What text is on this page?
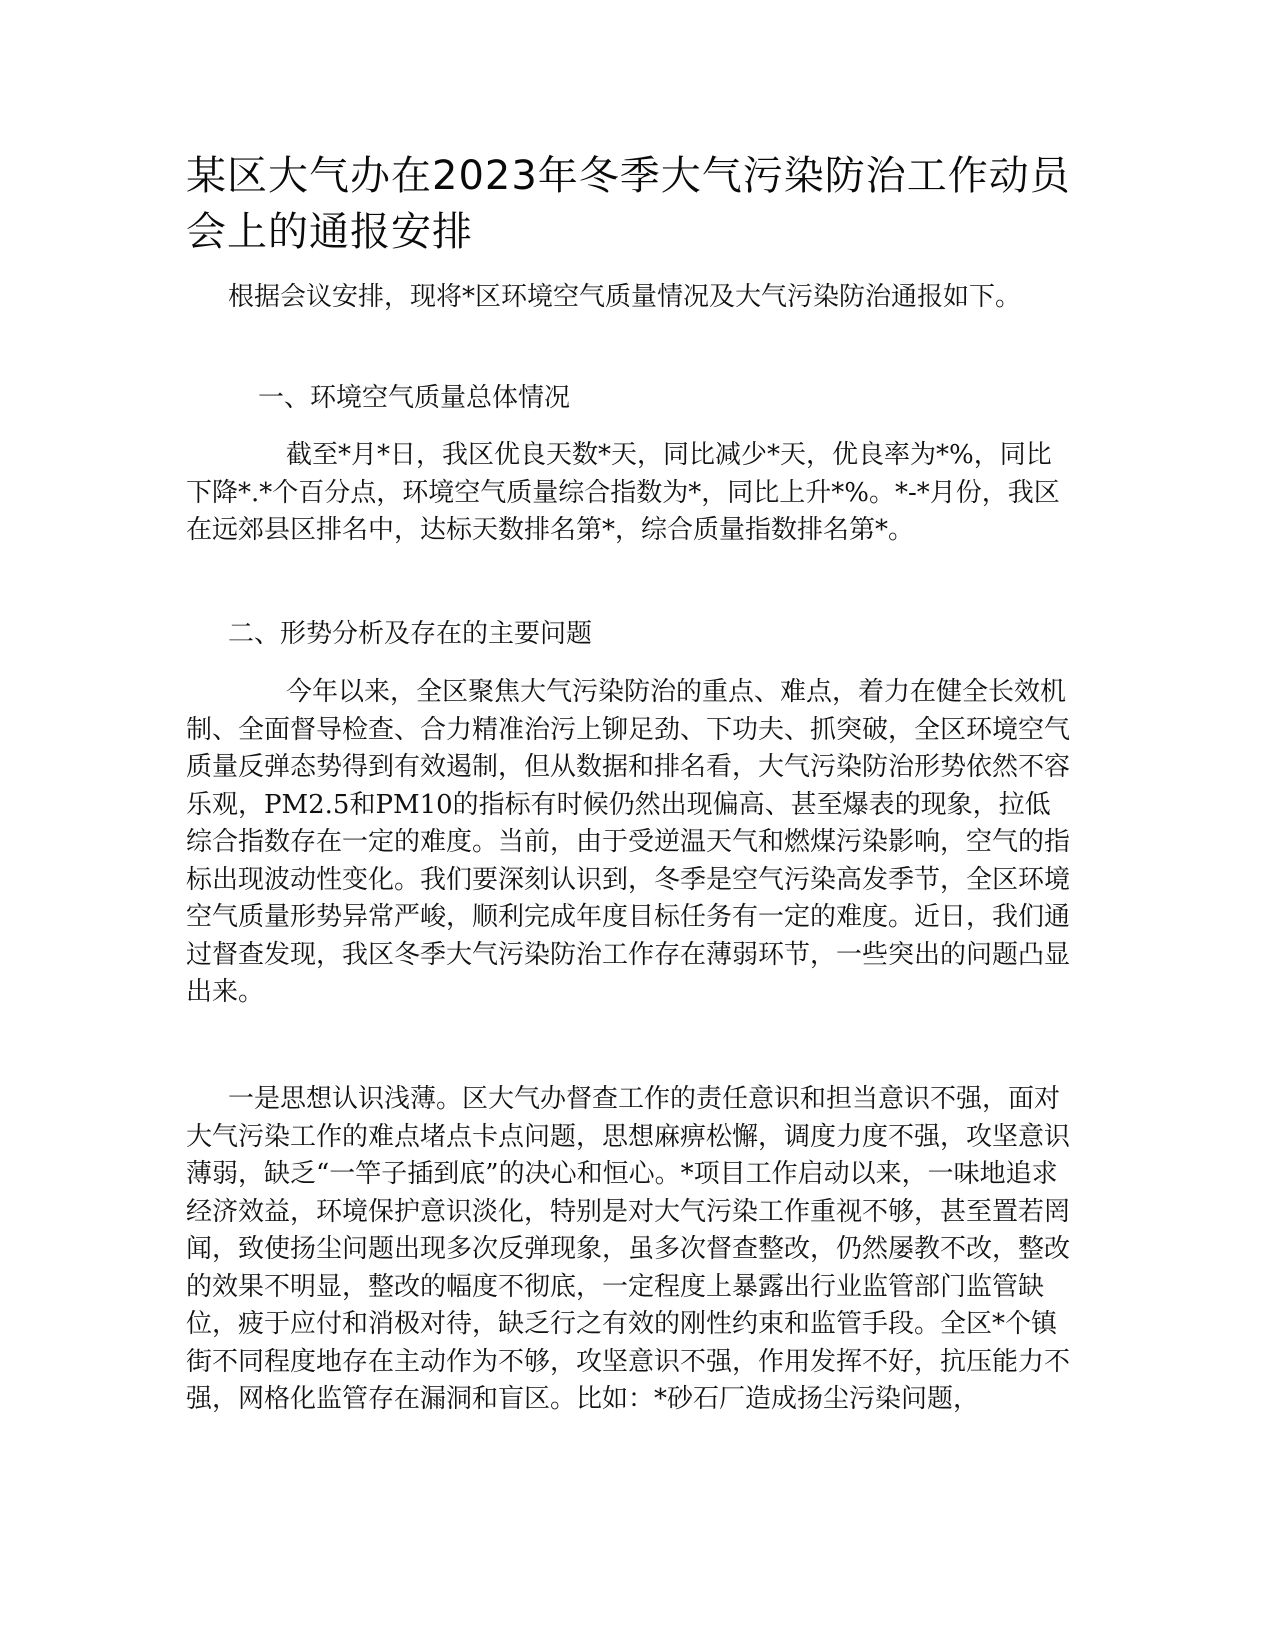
某区大气办在2023年冬季大气污染防治工作动员会上的通报安排

根据会议安排，现将*区环境空气质量情况及大气污染防治通报如下。

一、环境空气质量总体情况

截至*月*日，我区优良天数*天，同比减少*天，优良率为*%，同比下降*.*个百分点，环境空气质量综合指数为*，同比上升*%。*-*月份，我区在远郊县区排名中，达标天数排名第*，综合质量指数排名第*。

二、形势分析及存在的主要问题

今年以来，全区聚焦大气污染防治的重点、难点，着力在健全长效机制、全面督导检查、合力精准治污上铆足劲、下功夫、抓突破，全区环境空气质量反弹态势得到有效遏制，但从数据和排名看，大气污染防治形势依然不容乐观，PM2.5和PM10的指标有时候仍然出现偏高、甚至爆表的现象，拉低综合指数存在一定的难度。当前，由于受逆温天气和燃煤污染影响，空气的指标出现波动性变化。我们要深刻认识到，冬季是空气污染高发季节，全区环境空气质量形势异常严峻，顺利完成年度目标任务有一定的难度。近日，我们通过督查发现，我区冬季大气污染防治工作存在薄弱环节，一些突出的问题凸显出来。

一是思想认识浅薄。区大气办督查工作的责任意识和担当意识不强，面对大气污染工作的难点堵点卡点问题，思想麻痹松懈，调度力度不强，攻坚意识薄弱，缺乏“一竿子插到底”的决心和恒心。*项目工作启动以来，一味地追求经济效益，环境保护意识淡化，特别是对大气污染工作重视不够，甚至置若罔闻，致使扬尘问题出现多次反弹现象，虽多次督查整改，仍然屡教不改，整改的效果不明显，整改的幅度不彻底，一定程度上暴露出行业监管部门监管缺位，疲于应付和消极对待，缺乏行之有效的刚性约束和监管手段。全区*个镇街不同程度地存在主动作为不够，攻坚意识不强，作用发挥不好，抗压能力不强，网格化监管存在漏洞和盲区。比如：*砂石厂造成扬尘污染问题，
